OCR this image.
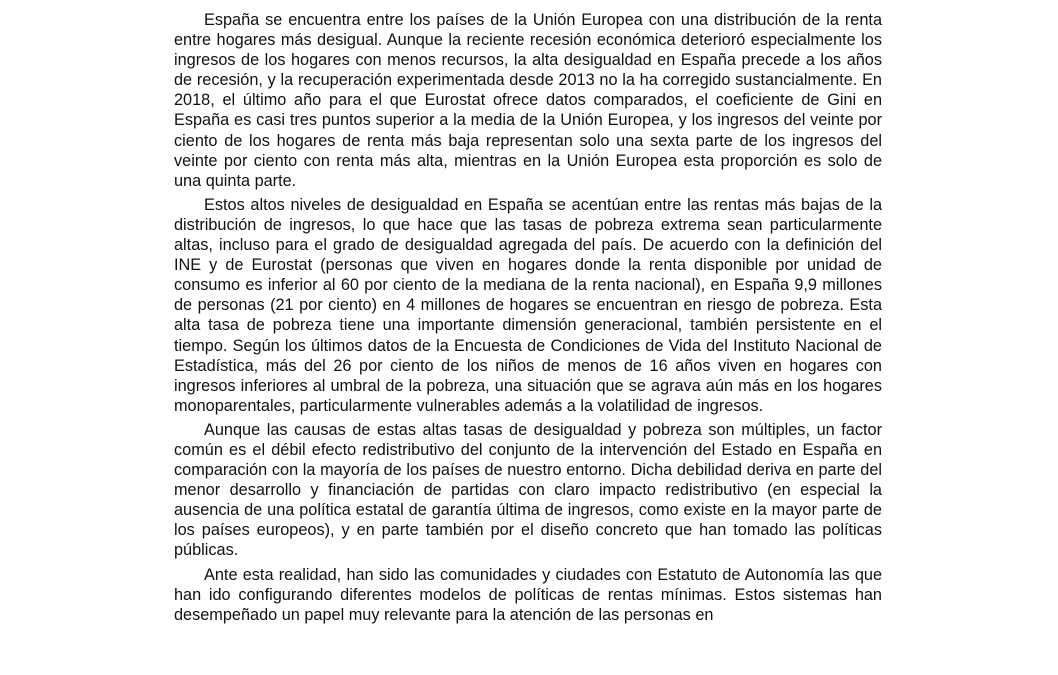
España se encuentra entre los países de la Unión Europea con una distribución de la renta entre hogares más desigual. Aunque la reciente recesión económica deterioró especialmente los ingresos de los hogares con menos recursos, la alta desigualdad en España precede a los años de recesión, y la recuperación experimentada desde 2013 no la ha corregido sustancialmente. En 2018, el último año para el que Eurostat ofrece datos comparados, el coeficiente de Gini en España es casi tres puntos superior a la media de la Unión Europea, y los ingresos del veinte por ciento de los hogares de renta más baja representan solo una sexta parte de los ingresos del veinte por ciento con renta más alta, mientras en la Unión Europea esta proporción es solo de una quinta parte.

Estos altos niveles de desigualdad en España se acentúan entre las rentas más bajas de la distribución de ingresos, lo que hace que las tasas de pobreza extrema sean particularmente altas, incluso para el grado de desigualdad agregada del país. De acuerdo con la definición del INE y de Eurostat (personas que viven en hogares donde la renta disponible por unidad de consumo es inferior al 60 por ciento de la mediana de la renta nacional), en España 9,9 millones de personas (21 por ciento) en 4 millones de hogares se encuentran en riesgo de pobreza. Esta alta tasa de pobreza tiene una importante dimensión generacional, también persistente en el tiempo. Según los últimos datos de la Encuesta de Condiciones de Vida del Instituto Nacional de Estadística, más del 26 por ciento de los niños de menos de 16 años viven en hogares con ingresos inferiores al umbral de la pobreza, una situación que se agrava aún más en los hogares monoparentales, particularmente vulnerables además a la volatilidad de ingresos.

Aunque las causas de estas altas tasas de desigualdad y pobreza son múltiples, un factor común es el débil efecto redistributivo del conjunto de la intervención del Estado en España en comparación con la mayoría de los países de nuestro entorno. Dicha debilidad deriva en parte del menor desarrollo y financiación de partidas con claro impacto redistributivo (en especial la ausencia de una política estatal de garantía última de ingresos, como existe en la mayor parte de los países europeos), y en parte también por el diseño concreto que han tomado las políticas públicas.

Ante esta realidad, han sido las comunidades y ciudades con Estatuto de Autonomía las que han ido configurando diferentes modelos de políticas de rentas mínimas. Estos sistemas han desempeñado un papel muy relevante para la atención de las personas en
